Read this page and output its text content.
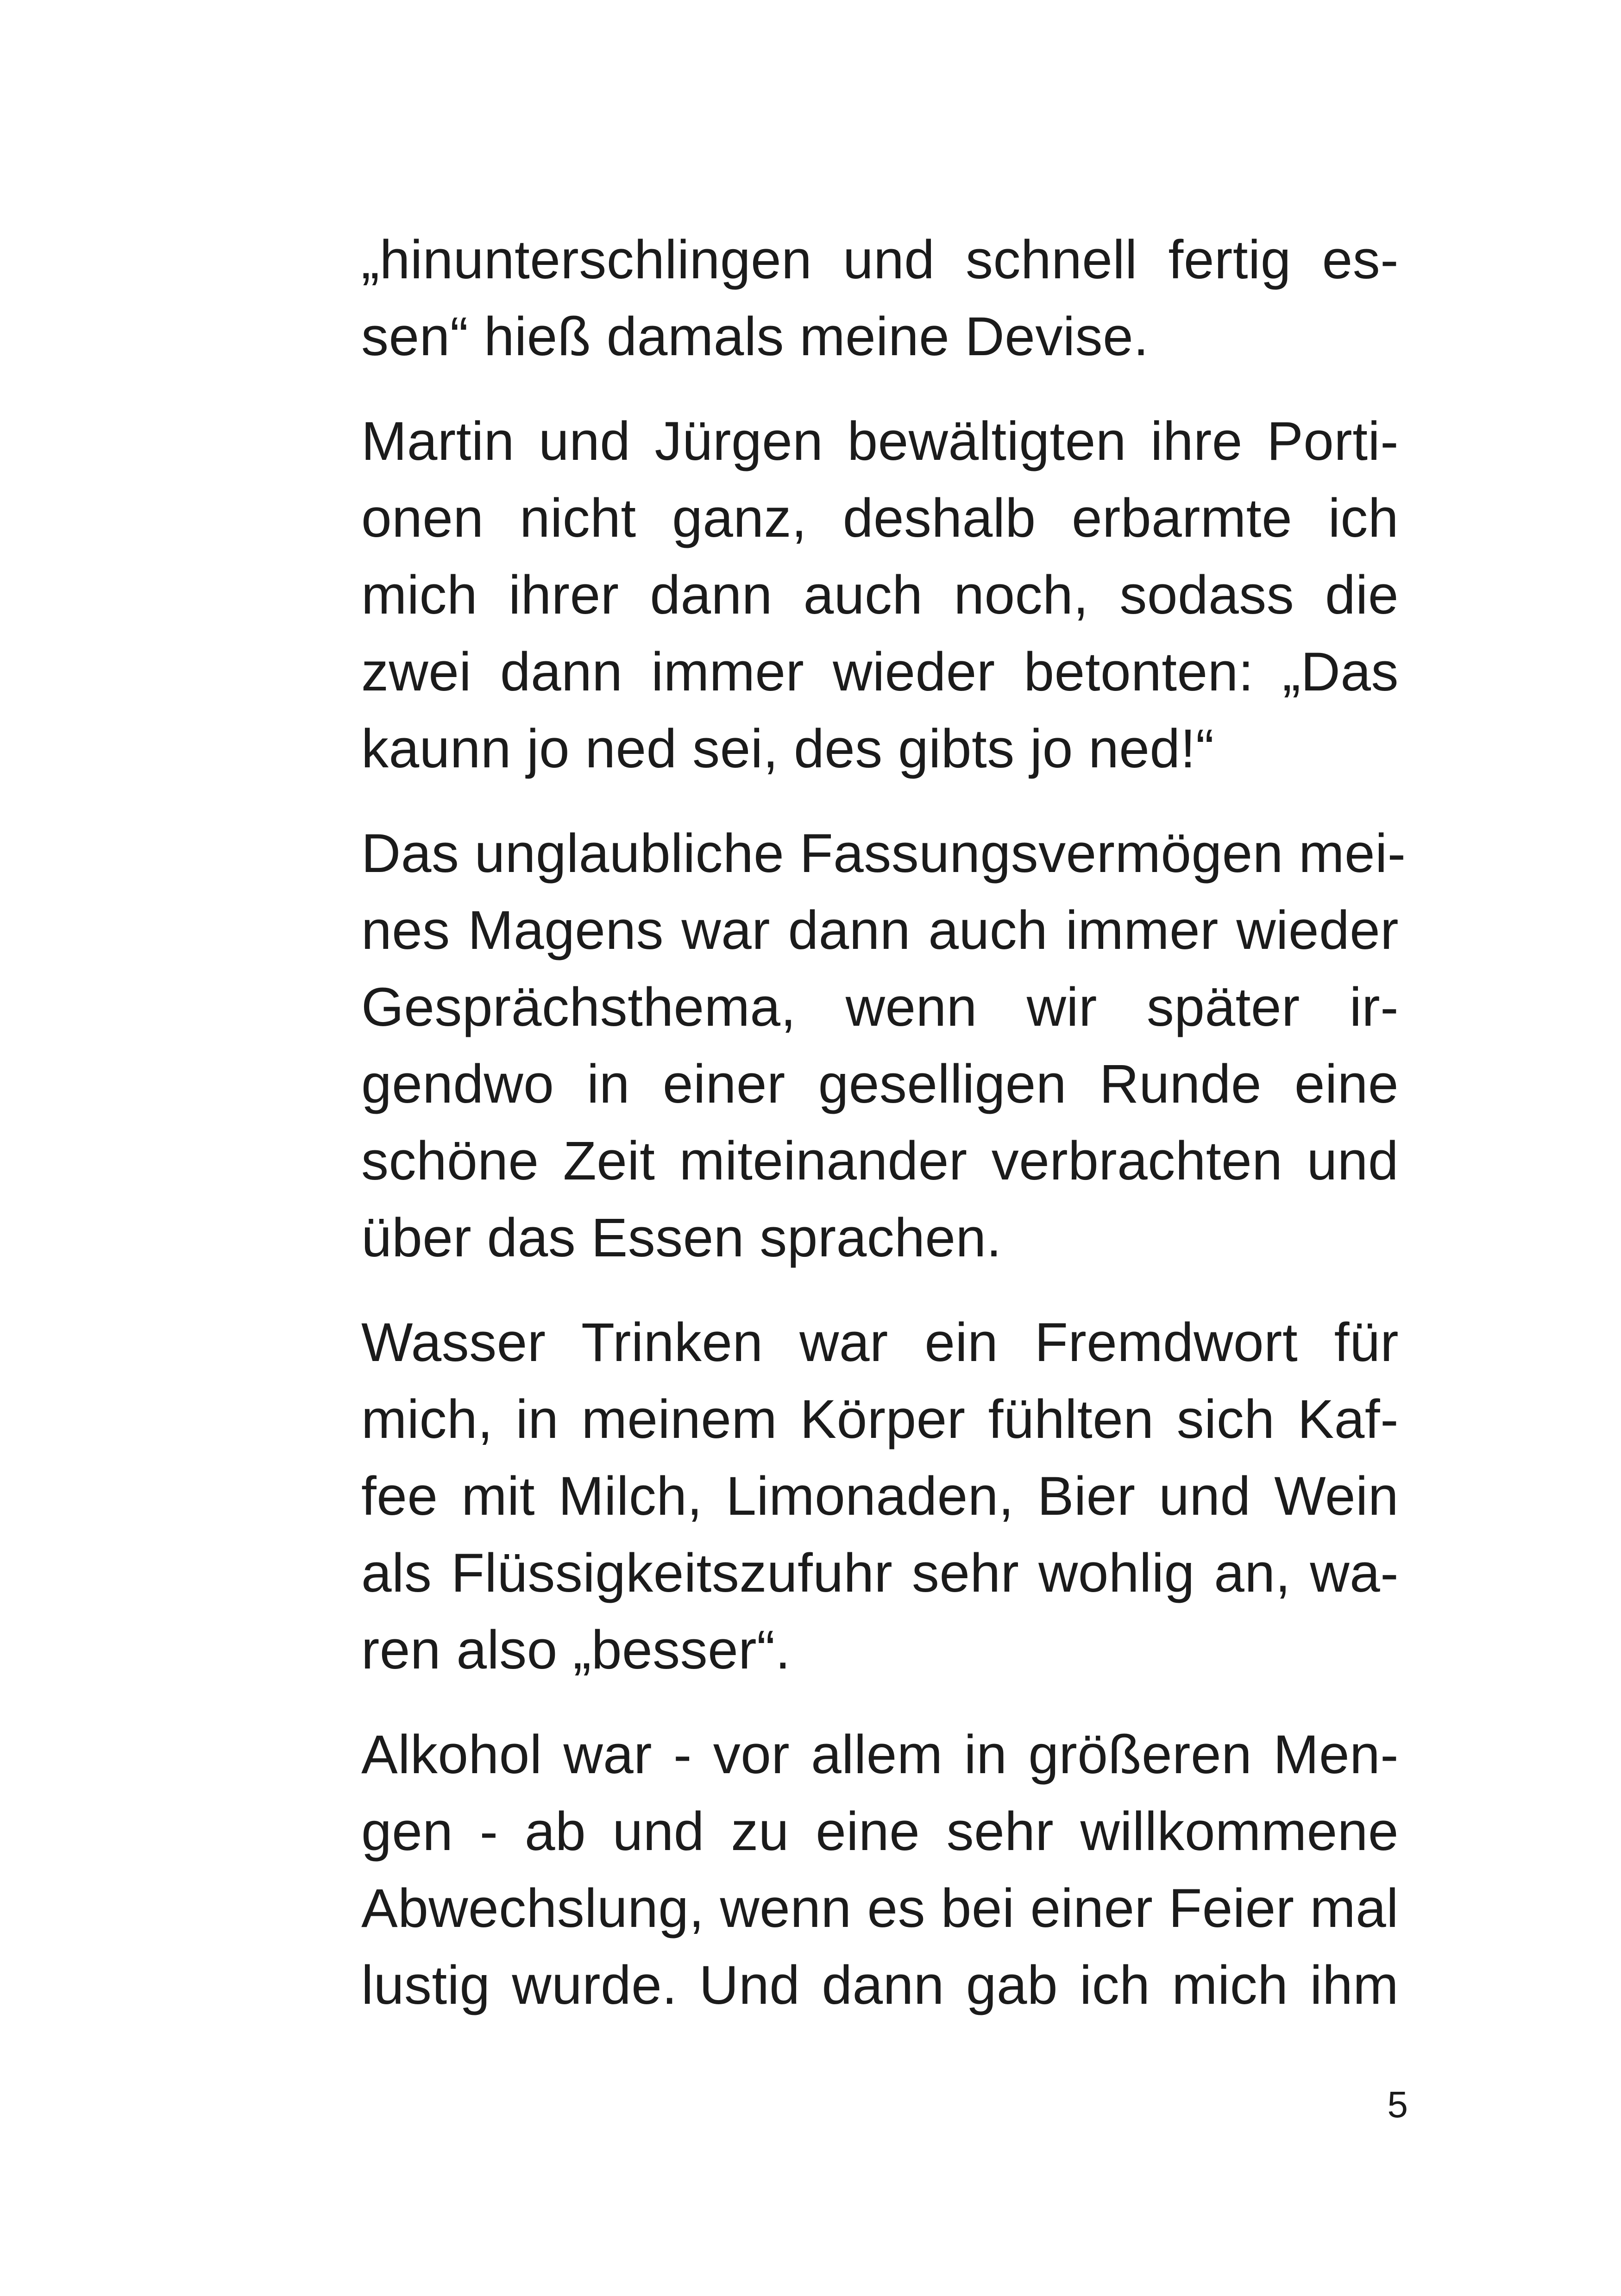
„hinunterschlingen und schnell fertig es-
sen“ hieß damals meine Devise.
Martin und Jürgen bewältigten ihre Porti-
onen nicht ganz, deshalb erbarmte ich
mich ihrer dann auch noch, sodass die
zwei dann immer wieder betonten: „Das
kaunn jo ned sei, des gibts jo ned!“
Das unglaubliche Fassungsvermögen mei-
nes Magens war dann auch immer wieder
Gesprächsthema, wenn wir später ir-
gendwo in einer geselligen Runde eine
schöne Zeit miteinander verbrachten und
über das Essen sprachen.
Wasser Trinken war ein Fremdwort für
mich, in meinem Körper fühlten sich Kaf-
fee mit Milch, Limonaden, Bier und Wein
als Flüssigkeitszufuhr sehr wohlig an, wa-
ren also „besser“.
Alkohol war - vor allem in größeren Men-
gen - ab und zu eine sehr willkommene
Abwechslung, wenn es bei einer Feier mal
lustig wurde. Und dann gab ich mich ihm
5
